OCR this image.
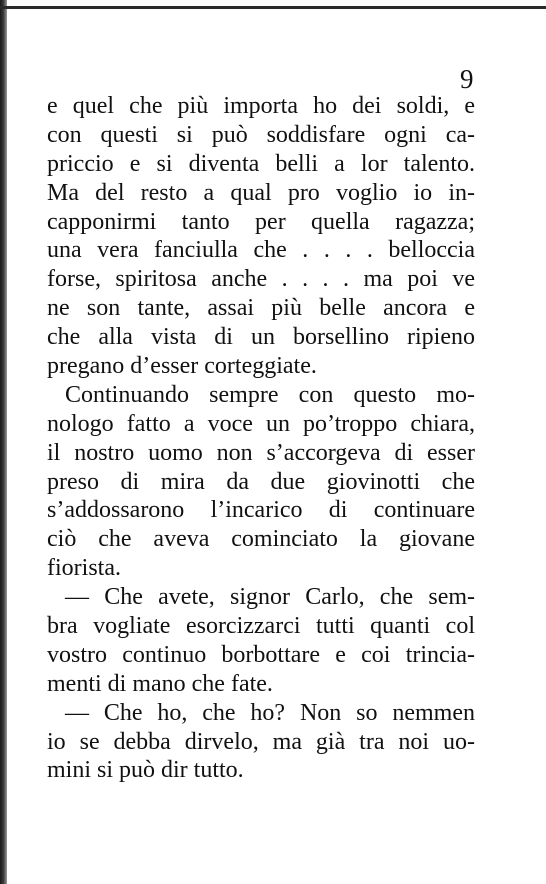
9
e quel che più importa ho dei soldi, e
con questi si può soddisfare ogni ca-
priccio e si diventa belli a lor talento.
Ma del resto a qual pro voglio io in-
capponirmi tanto per quella ragazza;
una vera fanciulla che . . . . belloccia
forse, spiritosa anche . . . . ma poi ve
ne son tante, assai più belle ancora e
che alla vista di un borsellino ripieno
pregano d’esser corteggiate.
Continuando sempre con questo mo-
nologo fatto a voce un po’troppo chiara,
il nostro uomo non s’accorgeva di esser
preso di mira da due giovinotti che
s’addossarono l’incarico di continuare
ciò che aveva cominciato la giovane
fiorista.
— Che avete, signor Carlo, che sem-
bra vogliate esorcizzarci tutti quanti col
vostro continuo borbottare e coi trincia-
menti di mano che fate.
— Che ho, che ho? Non so nemmen
io se debba dirvelo, ma già tra noi uo-
mini si può dir tutto.
